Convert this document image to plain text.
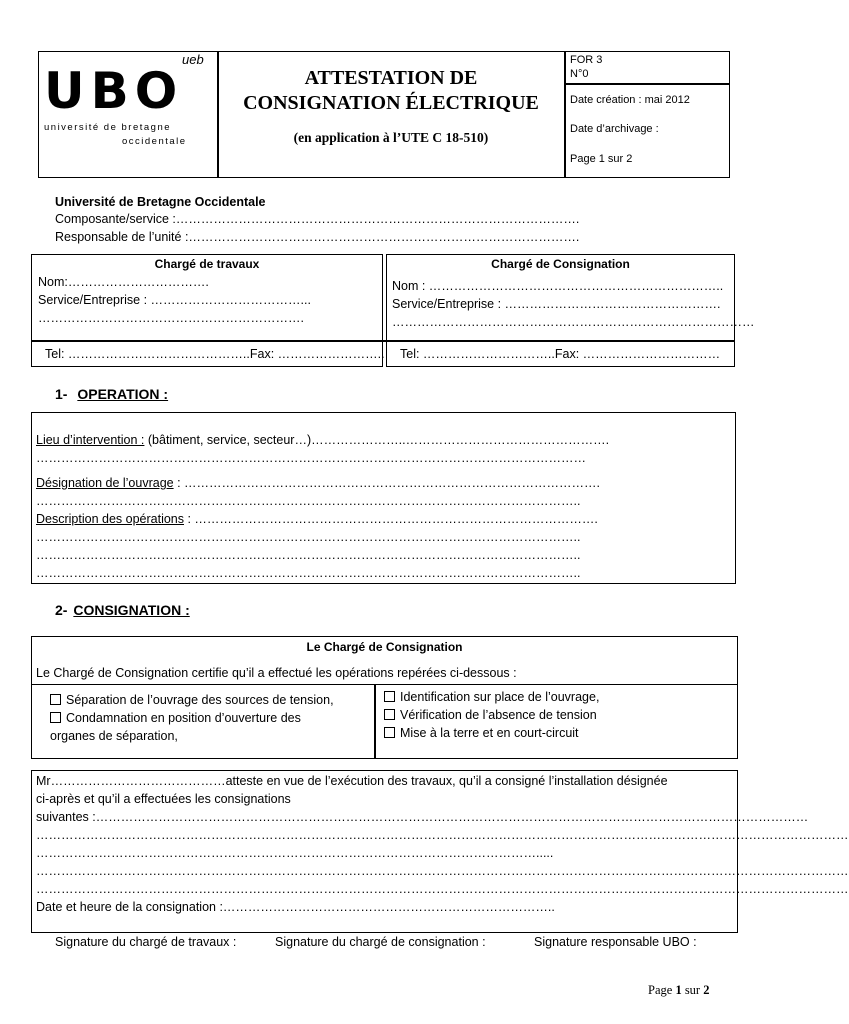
UBO
ueb
université de bretagne
occidentale
ATTESTATION DE
CONSIGNATION ÉLECTRIQUE
(en application à l’UTE C 18-510)
FOR 3
N°0
Date création : mai 2012
Date d’archivage :
Page 1 sur 2
Université de Bretagne Occidentale
Composante/service :…………………………………………………………………………………….
Responsable de l’unité :………………………………………………………………………………….
Chargé de travaux
Nom:…………………………….
Service/Entreprise : ………………………………...
……………………………………………………….
Tel: ……………………………………..Fax: ……………………..
Chargé de Consignation
Nom : ……………………………………………………………..
Service/Entreprise : …………………………………………….
……………………………………………………………………………
Tel: …………………………..Fax: ……………………………
1- OPERATION :
Lieu d’intervention : (bâtiment, service, secteur…)…………………..………………………………………….
……………………………………………………………………………………………………………………
Désignation de l’ouvrage : ……………………………………………………………………………………….
…………………………………………………………………………………………………………………..
Description des opérations : …………………………………………………………………………………….
…………………………………………………………………………………………………………………..
…………………………………………………………………………………………………………………..
…………………………………………………………………………………………………………………..
2- CONSIGNATION :
Le Chargé de Consignation
Le Chargé de Consignation certifie qu’il a effectué les opérations repérées ci-dessous :
Séparation de l’ouvrage des sources de tension,
Condamnation en position d’ouverture des
organes de séparation,
Identification sur place de l’ouvrage,
Vérification de l’absence de tension
Mise à la terre et en court-circuit
Mr……………………………………atteste en vue de l’exécution des travaux, qu’il a consigné l’installation désignée
ci-après et qu’il a effectuées les consignations
suivantes :………………………………………………………………………………………………………………………………………………………
……………………………………………………………………………………………………………………………………………………………………………
………………………………………………………………………………………………………….....
……………………………………………………………………………………………………………………………………………………………………………
……………………………………………………………………………………………………………………………………………………………………………
Date et heure de la consignation :……………………………………………………………………..
Signature du chargé de travaux :	Signature du chargé de consignation :	Signature responsable UBO :
Page 1 sur 2
